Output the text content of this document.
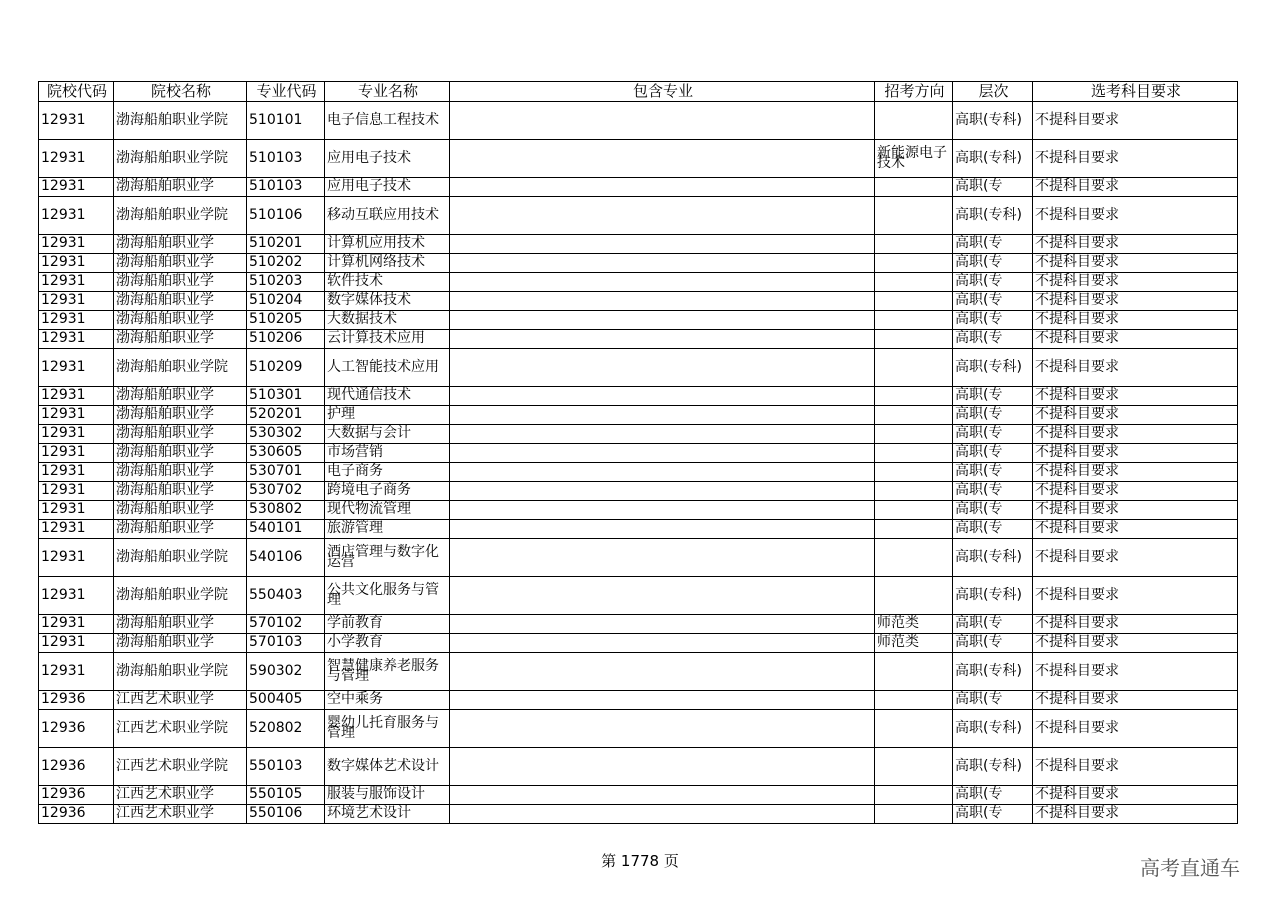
院校代码	院校名称	专业代码	专业名称	包含专业	招考方向	层次	选考科目要求
12931	渤海船舶职业学院	510101	电子信息工程技术			高职(专科)	不提科目要求
12931	渤海船舶职业学院	510103	应用电子技术		新能源电子技术	高职(专科)	不提科目要求
12931	渤海船舶职业学	510103	应用电子技术			高职(专	不提科目要求
12931	渤海船舶职业学院	510106	移动互联应用技术			高职(专科)	不提科目要求
12931	渤海船舶职业学	510201	计算机应用技术			高职(专	不提科目要求
12931	渤海船舶职业学	510202	计算机网络技术			高职(专	不提科目要求
12931	渤海船舶职业学	510203	软件技术			高职(专	不提科目要求
12931	渤海船舶职业学	510204	数字媒体技术			高职(专	不提科目要求
12931	渤海船舶职业学	510205	大数据技术			高职(专	不提科目要求
12931	渤海船舶职业学	510206	云计算技术应用			高职(专	不提科目要求
12931	渤海船舶职业学院	510209	人工智能技术应用			高职(专科)	不提科目要求
12931	渤海船舶职业学	510301	现代通信技术			高职(专	不提科目要求
12931	渤海船舶职业学	520201	护理			高职(专	不提科目要求
12931	渤海船舶职业学	530302	大数据与会计			高职(专	不提科目要求
12931	渤海船舶职业学	530605	市场营销			高职(专	不提科目要求
12931	渤海船舶职业学	530701	电子商务			高职(专	不提科目要求
12931	渤海船舶职业学	530702	跨境电子商务			高职(专	不提科目要求
12931	渤海船舶职业学	530802	现代物流管理			高职(专	不提科目要求
12931	渤海船舶职业学	540101	旅游管理			高职(专	不提科目要求
12931	渤海船舶职业学院	540106	酒店管理与数字化运营			高职(专科)	不提科目要求
12931	渤海船舶职业学院	550403	公共文化服务与管理			高职(专科)	不提科目要求
12931	渤海船舶职业学	570102	学前教育		师范类	高职(专	不提科目要求
12931	渤海船舶职业学	570103	小学教育		师范类	高职(专	不提科目要求
12931	渤海船舶职业学院	590302	智慧健康养老服务与管理			高职(专科)	不提科目要求
12936	江西艺术职业学	500405	空中乘务			高职(专	不提科目要求
12936	江西艺术职业学院	520802	婴幼儿托育服务与管理			高职(专科)	不提科目要求
12936	江西艺术职业学院	550103	数字媒体艺术设计			高职(专科)	不提科目要求
12936	江西艺术职业学	550105	服装与服饰设计			高职(专	不提科目要求
12936	江西艺术职业学	550106	环境艺术设计			高职(专	不提科目要求
第 1778 页	高考直通车
